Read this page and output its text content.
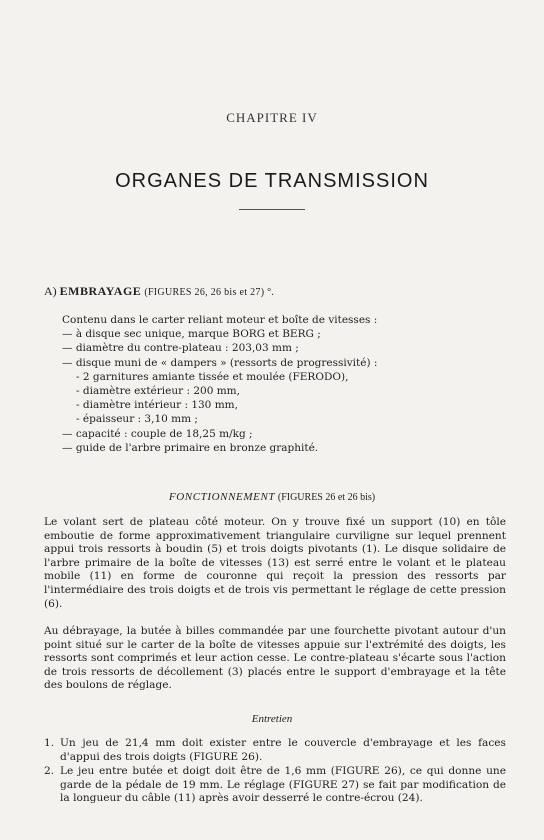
CHAPITRE IV
ORGANES DE TRANSMISSION
A) EMBRAYAGE (FIGURES 26, 26 bis et 27) °.
Contenu dans le carter reliant moteur et boîte de vitesses :
— à disque sec unique, marque BORG et BERG ;
— diamètre du contre-plateau : 203,03 mm ;
— disque muni de « dampers » (ressorts de progressivité) :
- 2 garnitures amiante tissée et moulée (FERODO),
- diamètre extérieur : 200 mm,
- diamètre intérieur : 130 mm,
- épaisseur : 3,10 mm ;
— capacité : couple de 18,25 m/kg ;
— guide de l'arbre primaire en bronze graphité.
FONCTIONNEMENT (FIGURES 26 et 26 bis)
Le volant sert de plateau côté moteur. On y trouve fixé un support (10) en tôle emboutie de forme approximativement triangulaire curviligne sur lequel prennent appui trois ressorts à boudin (5) et trois doigts pivotants (1). Le disque solidaire de l'arbre primaire de la boîte de vitesses (13) est serré entre le volant et le plateau mobile (11) en forme de couronne qui reçoit la pression des ressorts par l'intermédiaire des trois doigts et de trois vis permettant le réglage de cette pression (6).
Au débrayage, la butée à billes commandée par une fourchette pivotant autour d'un point situé sur le carter de la boîte de vitesses appuie sur l'extrémité des doigts, les ressorts sont comprimés et leur action cesse. Le contre-plateau s'écarte sous l'action de trois ressorts de décollement (3) placés entre le support d'embrayage et la tête des boulons de réglage.
Entretien
1. Un jeu de 21,4 mm doit exister entre le couvercle d'embrayage et les faces d'appui des trois doigts (FIGURE 26).
2. Le jeu entre butée et doigt doit être de 1,6 mm (FIGURE 26), ce qui donne une garde de la pédale de 19 mm. Le réglage (FIGURE 27) se fait par modification de la longueur du câble (11) après avoir desserré le contre-écrou (24).
